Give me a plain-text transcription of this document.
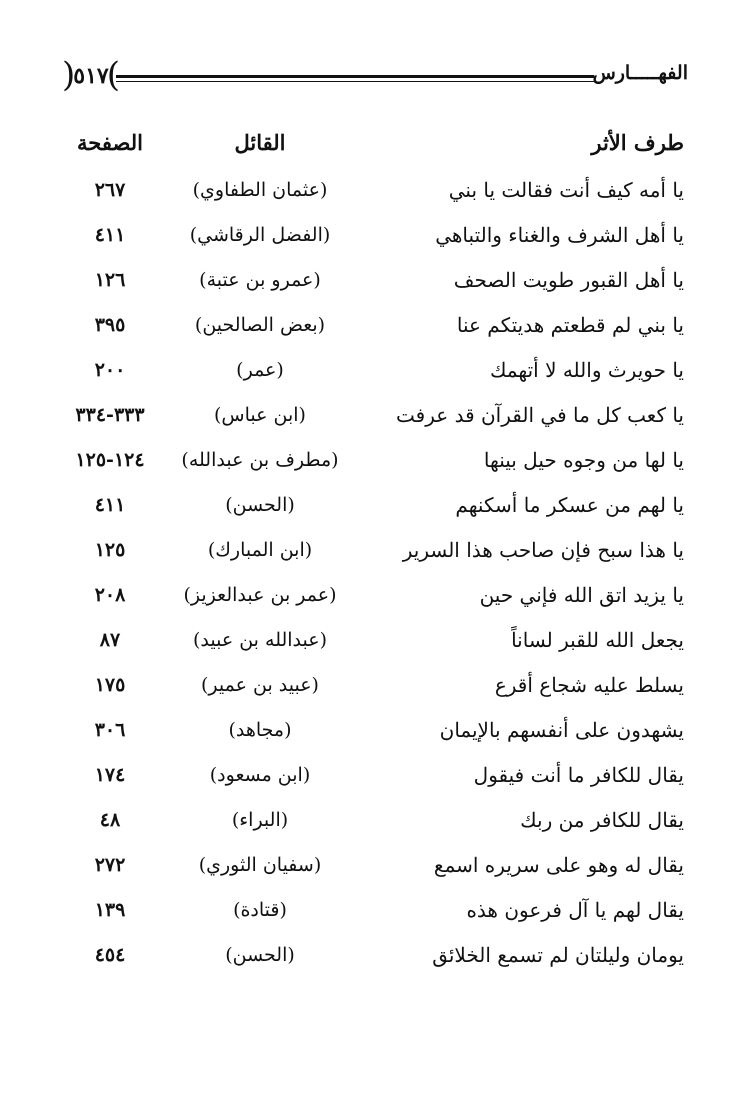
( ٥١٧ )	الفهـــــارس
طرف الأثر
القائل
الصفحة
يا أمه كيف أنت فقالت يا بني
(عثمان الطفاوي)
٢٦٧
يا أهل الشرف والغناء والتباهي
(الفضل الرقاشي)
٤١١
يا أهل القبور طويت الصحف
(عمرو بن عتبة)
١٢٦
يا بني لم قطعتم هديتكم عنا
(بعض الصالحين)
٣٩٥
يا حويرث والله لا أتهمك
(عمر)
٢٠٠
يا كعب كل ما في القرآن قد عرفت
(ابن عباس)
٣٣٣-٣٣٤
يا لها من وجوه حيل بينها
(مطرف بن عبدالله)
١٢٤-١٢٥
يا لهم من عسكر ما أسكنهم
(الحسن)
٤١١
يا هذا سبح فإن صاحب هذا السرير
(ابن المبارك)
١٢٥
يا يزيد اتق الله فإني حين
(عمر بن عبدالعزيز)
٢٠٨
يجعل الله للقبر لساناً
(عبدالله بن عبيد)
٨٧
يسلط عليه شجاع أقرع
(عبيد بن عمير)
١٧٥
يشهدون على أنفسهم بالإيمان
(مجاهد)
٣٠٦
يقال للكافر ما أنت فيقول
(ابن مسعود)
١٧٤
يقال للكافر من ربك
(البراء)
٤٨
يقال له وهو على سريره اسمع
(سفيان الثوري)
٢٧٢
يقال لهم يا آل فرعون هذه
(قتادة)
١٣٩
يومان وليلتان لم تسمع الخلائق
(الحسن)
٤٥٤
